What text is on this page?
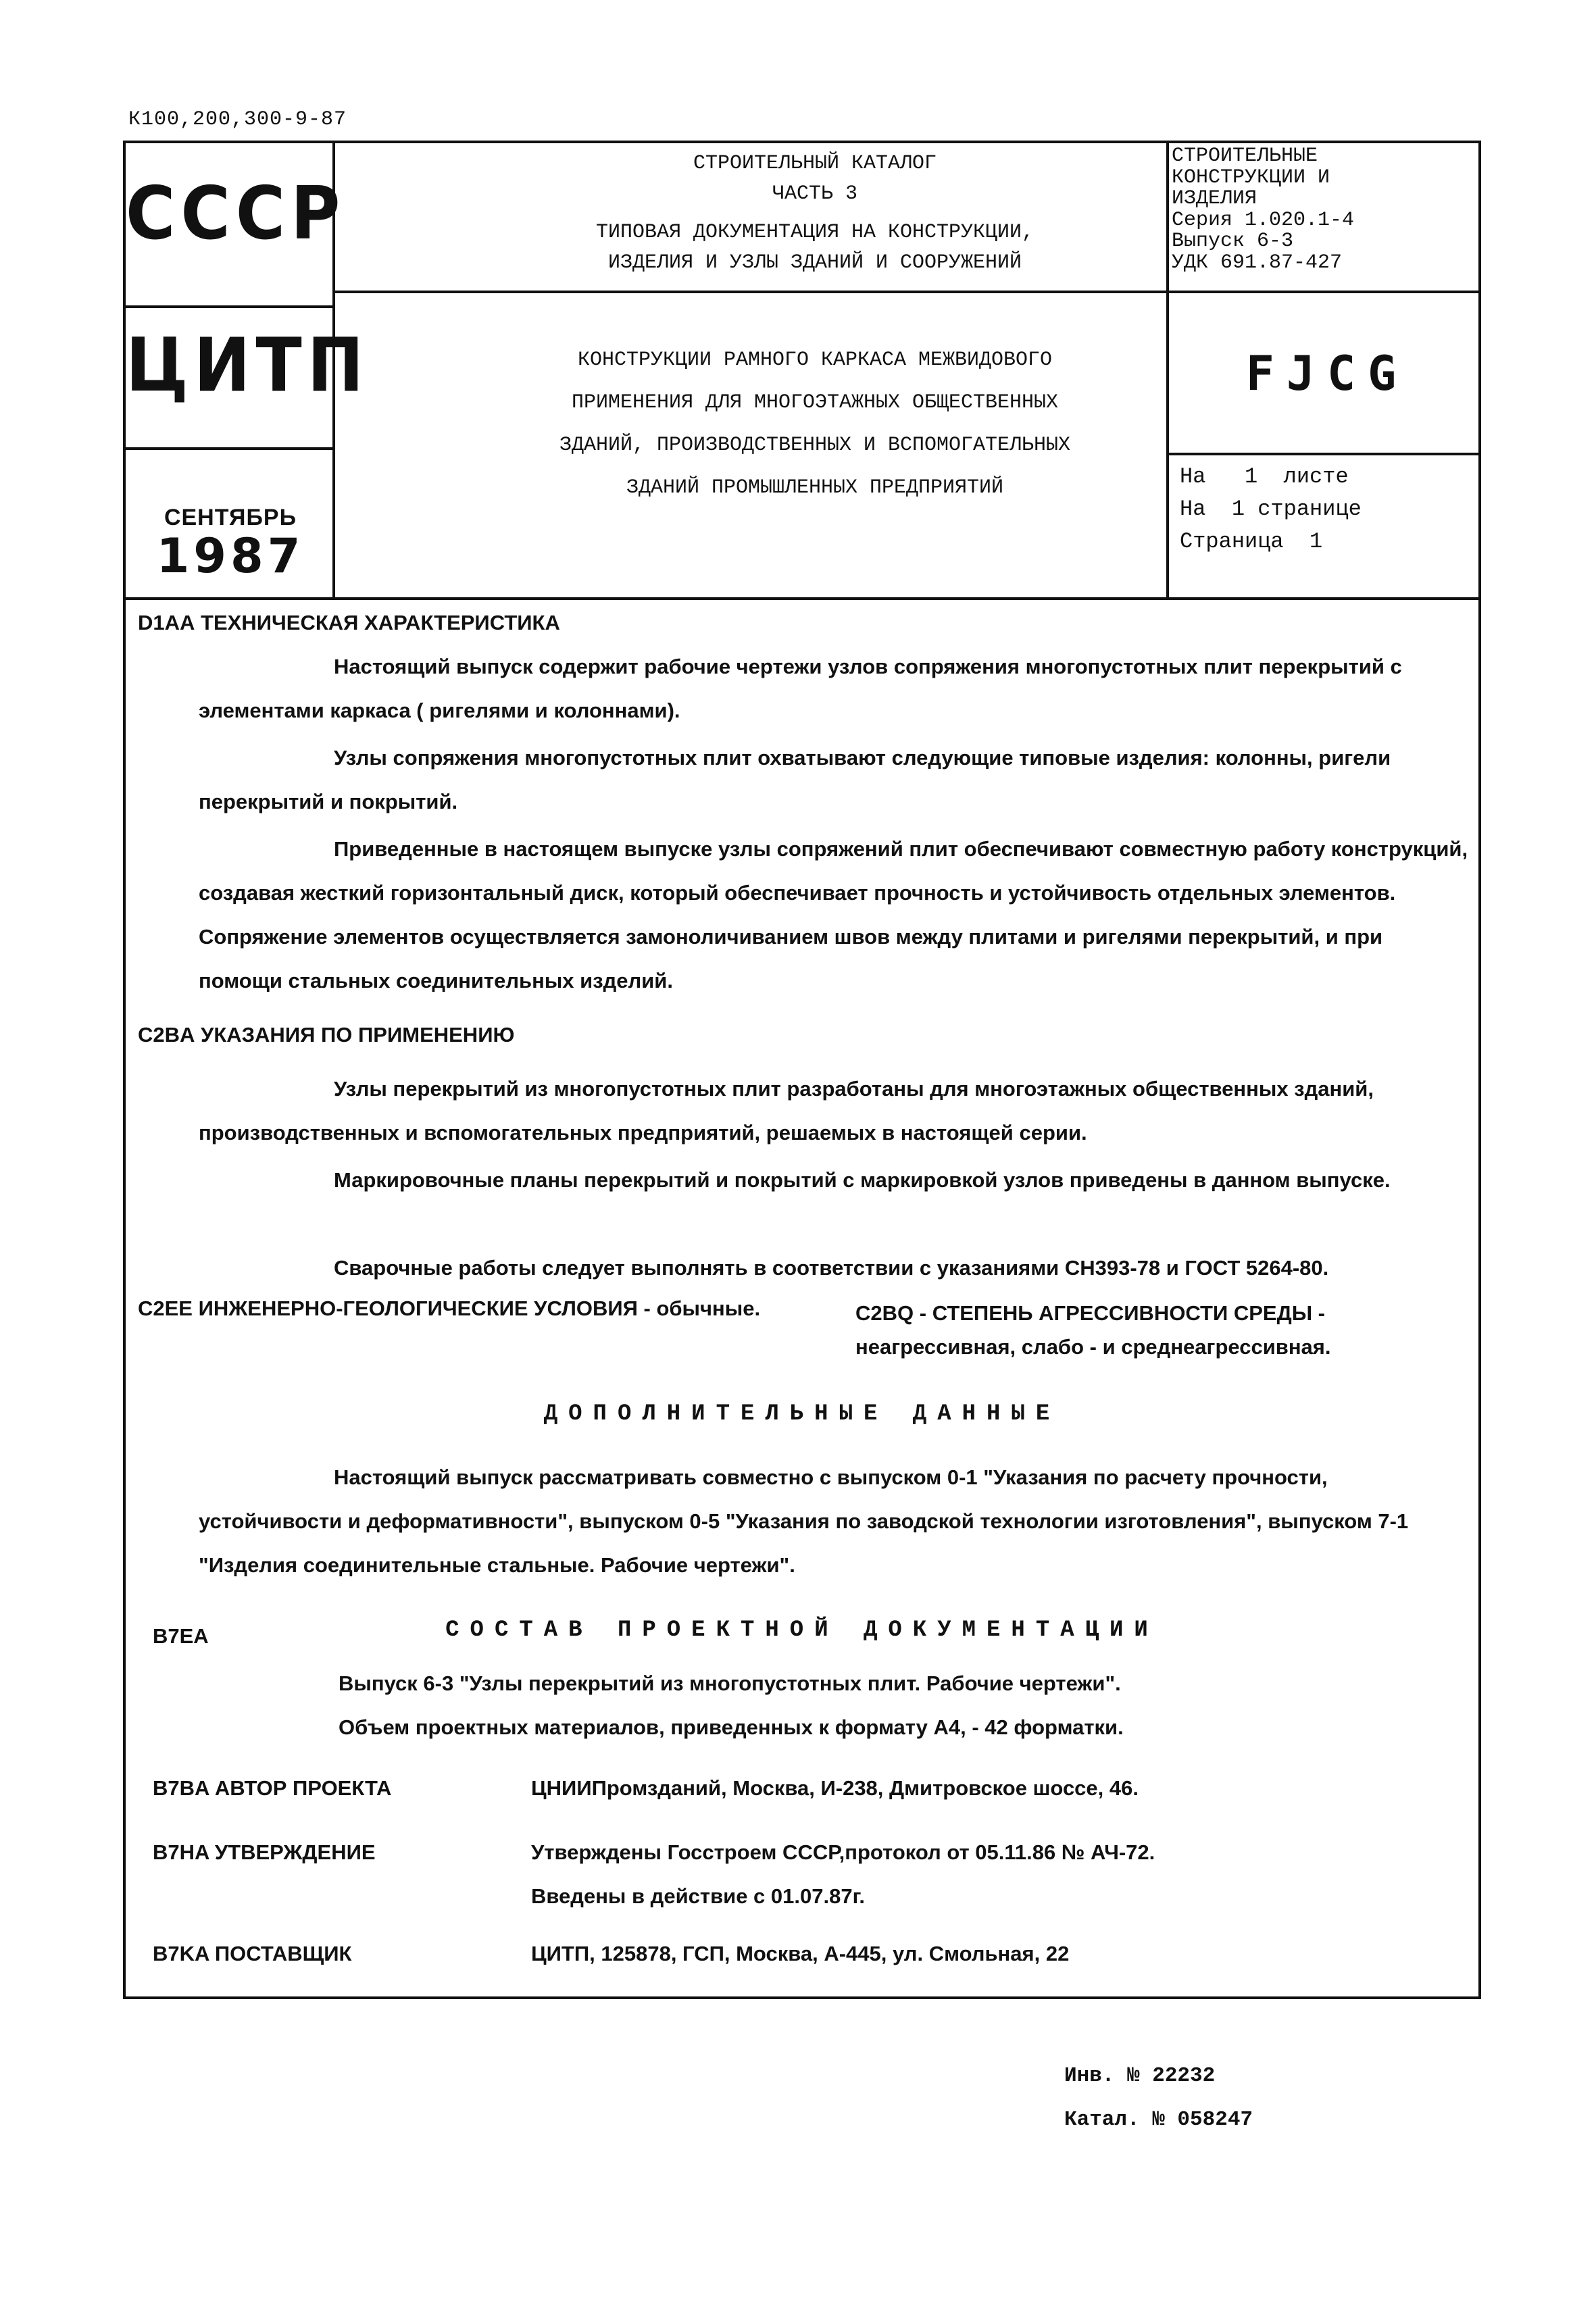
К100,200,300-9-87
СССР
ЦИТП
СЕНТЯБРЬ
1987
СТРОИТЕЛЬНЫЙ КАТАЛОГ
ЧАСТЬ 3
ТИПОВАЯ ДОКУМЕНТАЦИЯ НА КОНСТРУКЦИИ,
ИЗДЕЛИЯ И УЗЛЫ ЗДАНИЙ И СООРУЖЕНИЙ
КОНСТРУКЦИИ РАМНОГО КАРКАСА МЕЖВИДОВОГО
ПРИМЕНЕНИЯ ДЛЯ МНОГОЭТАЖНЫХ ОБЩЕСТВЕННЫХ
ЗДАНИЙ, ПРОИЗВОДСТВЕННЫХ И ВСПОМОГАТЕЛЬНЫХ
ЗДАНИЙ ПРОМЫШЛЕННЫХ ПРЕДПРИЯТИЙ
СТРОИТЕЛЬНЫЕ
КОНСТРУКЦИИ И
ИЗДЕЛИЯ
Серия 1.020.1-4
Выпуск 6-3
УДК 691.87-427
FJCG
На   1  листе
На  1 странице
Страница  1
D1AA ТЕХНИЧЕСКАЯ ХАРАКТЕРИСТИКА
Настоящий выпуск содержит рабочие чертежи узлов сопряжения многопустотных плит перекрытий с элементами каркаса ( ригелями и колоннами).
Узлы сопряжения многопустотных плит охватывают следующие типовые изделия: колонны, ригели перекрытий и покрытий.
Приведенные в настоящем выпуске узлы сопряжений плит обеспечивают совместную работу конструкций, создавая жесткий горизонтальный диск, который обеспечивает прочность и устойчивость отдельных элементов. Сопряжение элементов осуществляется замоноличиванием швов между плитами и ригелями перекрытий, и при помощи стальных соединительных изделий.
C2BA УКАЗАНИЯ ПО ПРИМЕНЕНИЮ
Узлы перекрытий из многопустотных плит разработаны для многоэтажных общественных зданий, производственных и вспомогательных предприятий, решаемых в настоящей серии.
Маркировочные планы перекрытий и покрытий с маркировкой узлов приведены в данном выпуске.
Сварочные работы следует выполнять в соответствии с указаниями СН393-78 и ГОСТ 5264-80.
C2EE ИНЖЕНЕРНО-ГЕОЛОГИЧЕСКИЕ УСЛОВИЯ - обычные.	C2BQ - СТЕПЕНЬ АГРЕССИВНОСТИ СРЕДЫ - неагрессивная, слабо - и среднеагрессивная.
ДОПОЛНИТЕЛЬНЫЕ ДАННЫЕ
Настоящий выпуск рассматривать совместно с выпуском 0-1 "Указания по расчету прочности, устойчивости и деформативности", выпуском 0-5 "Указания по заводской технологии изготовления", выпуском 7-1 "Изделия соединительные стальные. Рабочие чертежи".
B7EA	СОСТАВ ПРОЕКТНОЙ ДОКУМЕНТАЦИИ
Выпуск 6-3 "Узлы перекрытий из многопустотных плит. Рабочие чертежи".
Объем проектных материалов, приведенных к формату А4, - 42 форматки.
B7BA АВТОР ПРОЕКТА	ЦНИИПромзданий, Москва, И-238, Дмитровское шоссе, 46.
B7HA УТВЕРЖДЕНИЕ	Утверждены Госстроем СССР,протокол от 05.11.86 № АЧ-72.
Введены в действие с 01.07.87г.
B7KA ПОСТАВЩИК	ЦИТП, 125878, ГСП, Москва, А-445, ул. Смольная, 22
Инв. № 22232
Катал. № 058247
